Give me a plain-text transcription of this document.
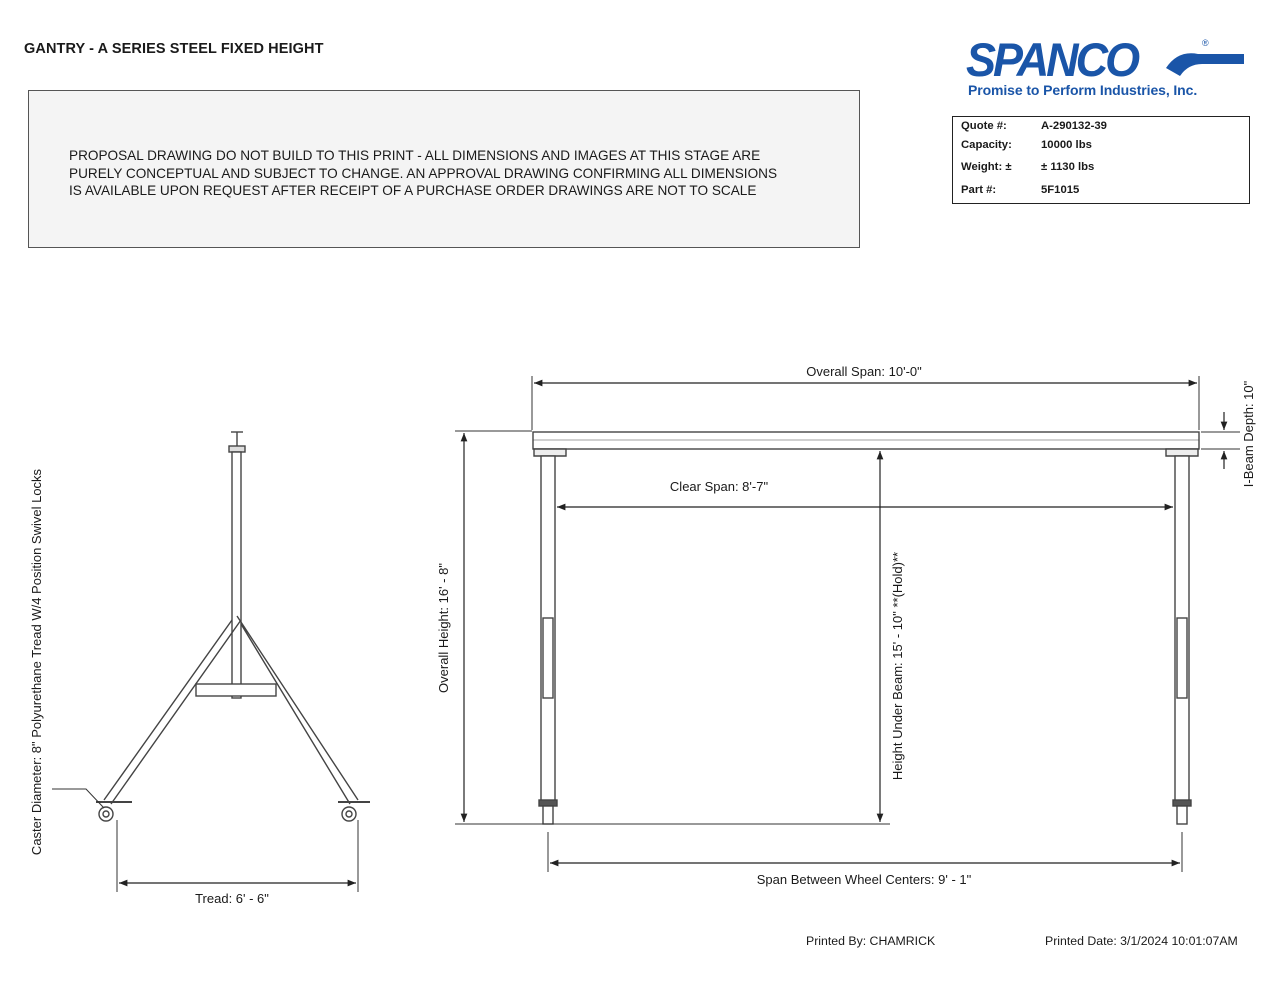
GANTRY - A SERIES STEEL FIXED HEIGHT

PROPOSAL DRAWING DO NOT BUILD TO THIS PRINT - ALL DIMENSIONS AND IMAGES AT THIS STAGE ARE
PURELY CONCEPTUAL AND SUBJECT TO CHANGE. AN APPROVAL DRAWING CONFIRMING ALL DIMENSIONS
IS AVAILABLE UPON REQUEST AFTER RECEIPT OF A PURCHASE ORDER DRAWINGS ARE NOT TO SCALE

SPANCO	®
Promise to Perform Industries, Inc.
Quote #:	A-290132-39
Capacity:	10000 lbs
Weight: ±	± 1130 lbs
Part #:	5F1015
Tread: 6' - 6"
Caster Diameter: 8" Polyurethane Tread W/4 Position Swivel Locks
Overall Span: 10'-0"
Clear Span: 8'-7"
Overall Height: 16' - 8"	Height Under Beam: 15' - 10" **(Hold)**
I-Beam Depth: 10"
Span Between Wheel Centers: 9' - 1"
Printed By: CHAMRICK	Printed Date: 3/1/2024 10:01:07AM
